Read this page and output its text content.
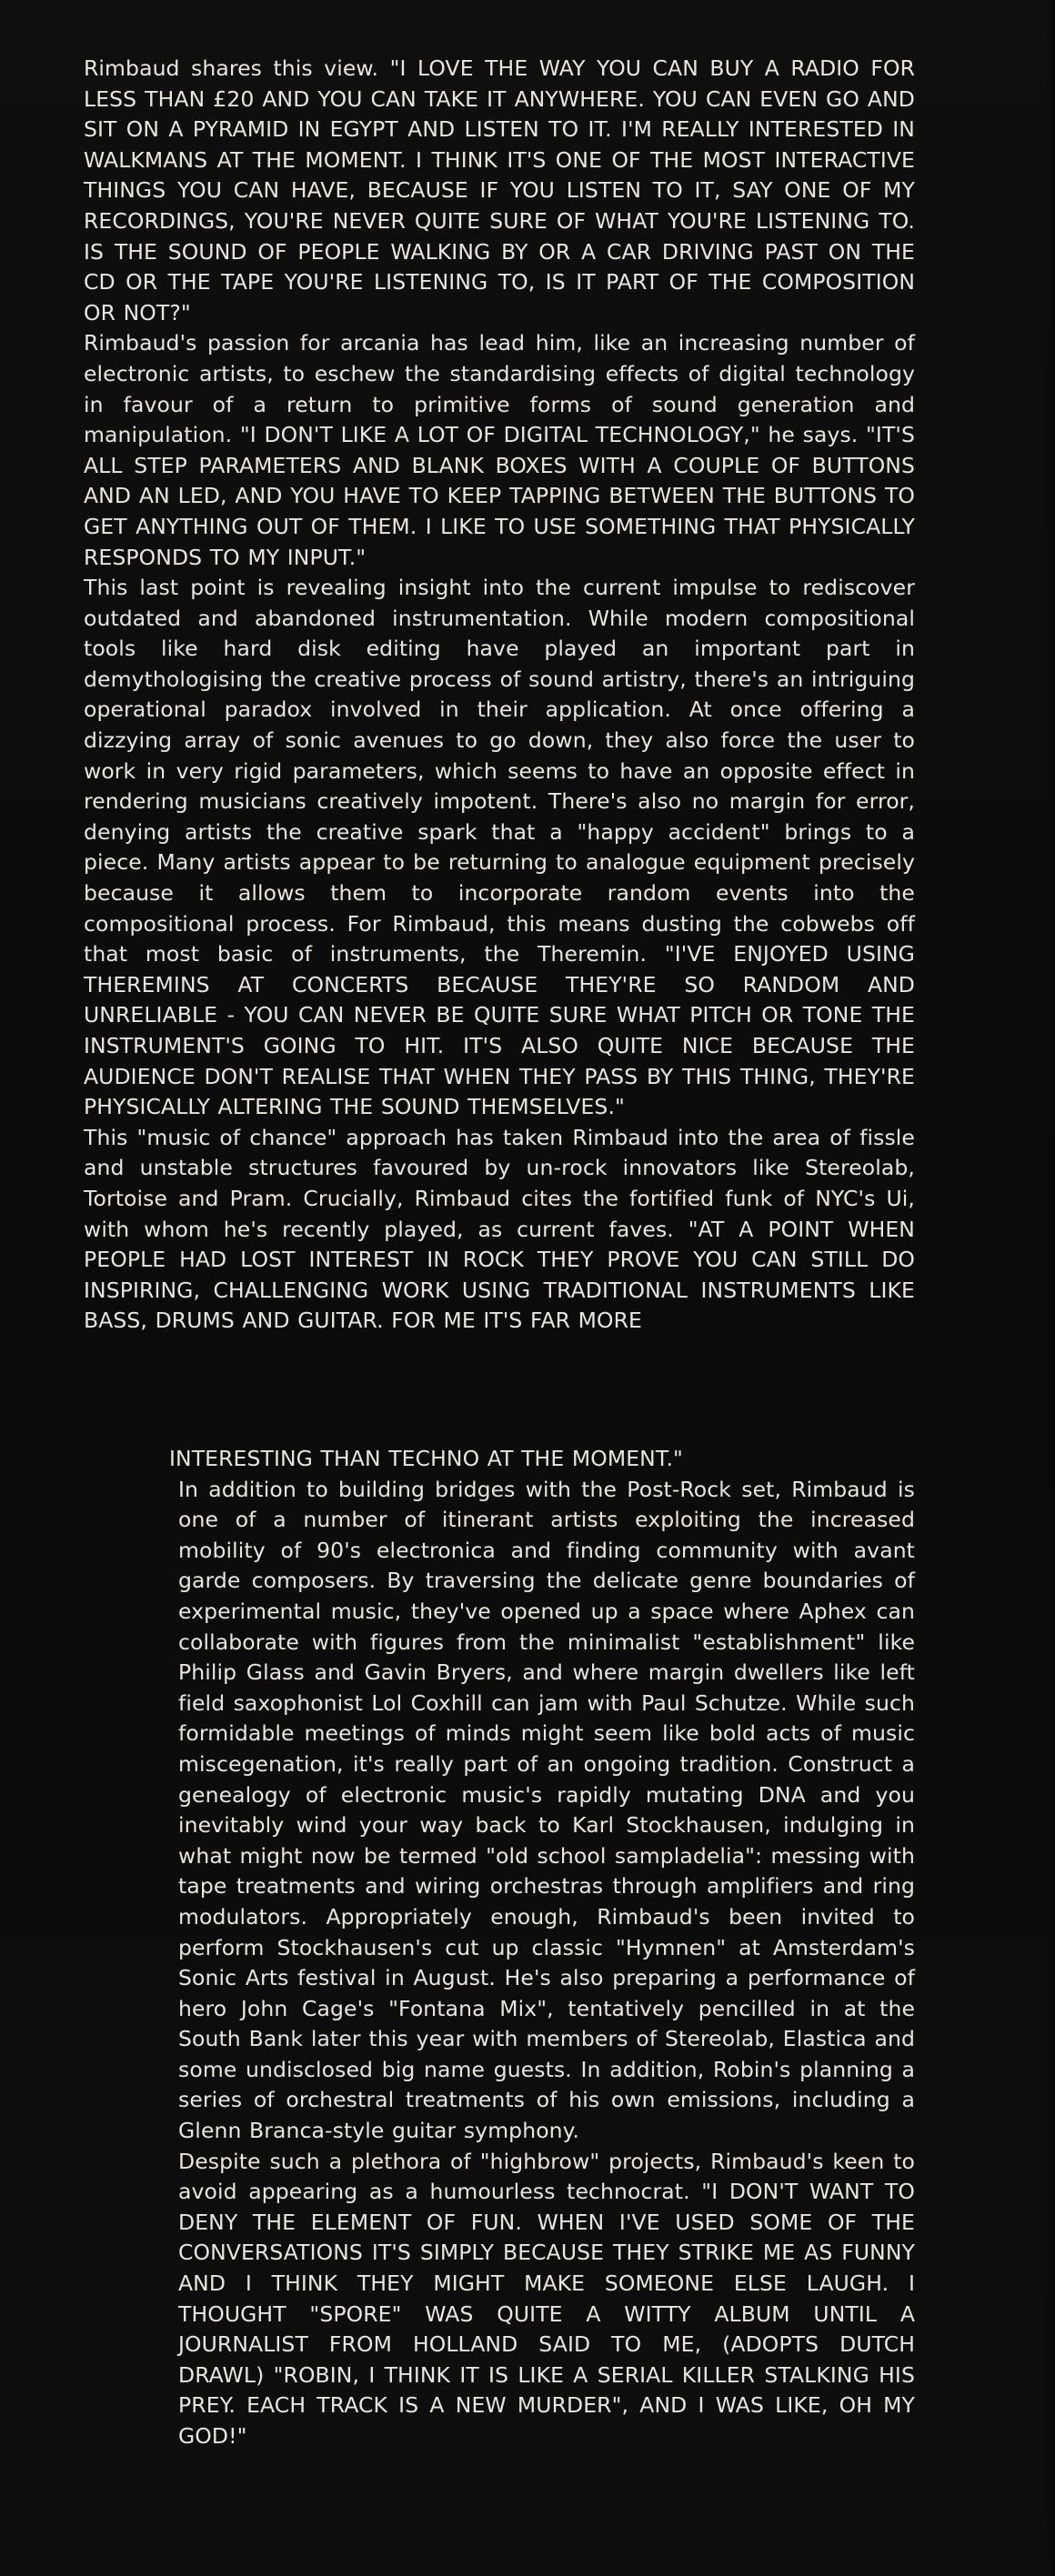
Rimbaud shares this view. "I LOVE THE WAY YOU CAN BUY A RADIO FOR LESS THAN £20 AND YOU CAN TAKE IT ANYWHERE. YOU CAN EVEN GO AND SIT ON A PYRAMID IN EGYPT AND LISTEN TO IT. I'M REALLY INTERESTED IN WALKMANS AT THE MOMENT. I THINK IT'S ONE OF THE MOST INTERACTIVE THINGS YOU CAN HAVE, BECAUSE IF YOU LISTEN TO IT, SAY ONE OF MY RECORDINGS, YOU'RE NEVER QUITE SURE OF WHAT YOU'RE LISTENING TO. IS THE SOUND OF PEOPLE WALKING BY OR A CAR DRIVING PAST ON THE CD OR THE TAPE YOU'RE LISTENING TO, IS IT PART OF THE COMPOSITION OR NOT?"

Rimbaud's passion for arcania has lead him, like an increasing number of electronic artists, to eschew the standardising effects of digital technology in favour of a return to primitive forms of sound generation and manipulation. "I DON'T LIKE A LOT OF DIGITAL TECHNOLOGY," he says. "IT'S ALL STEP PARAMETERS AND BLANK BOXES WITH A COUPLE OF BUTTONS AND AN LED, AND YOU HAVE TO KEEP TAPPING BETWEEN THE BUTTONS TO GET ANYTHING OUT OF THEM. I LIKE TO USE SOMETHING THAT PHYSICALLY RESPONDS TO MY INPUT."

This last point is revealing insight into the current impulse to rediscover outdated and abandoned instrumentation. While modern compositional tools like hard disk editing have played an important part in demythologising the creative process of sound artistry, there's an intriguing operational paradox involved in their application. At once offering a dizzying array of sonic avenues to go down, they also force the user to work in very rigid parameters, which seems to have an opposite effect in rendering musicians creatively impotent. There's also no margin for error, denying artists the creative spark that a "happy accident" brings to a piece. Many artists appear to be returning to analogue equipment precisely because it allows them to incorporate random events into the compositional process. For Rimbaud, this means dusting the cobwebs off that most basic of instruments, the Theremin. "I'VE ENJOYED USING THEREMINS AT CONCERTS BECAUSE THEY'RE SO RANDOM AND UNRELIABLE - YOU CAN NEVER BE QUITE SURE WHAT PITCH OR TONE THE INSTRUMENT'S GOING TO HIT. IT'S ALSO QUITE NICE BECAUSE THE AUDIENCE DON'T REALISE THAT WHEN THEY PASS BY THIS THING, THEY'RE PHYSICALLY ALTERING THE SOUND THEMSELVES."

This "music of chance" approach has taken Rimbaud into the area of fissle and unstable structures favoured by un-rock innovators like Stereolab, Tortoise and Pram. Crucially, Rimbaud cites the fortified funk of NYC's Ui, with whom he's recently played, as current faves. "AT A POINT WHEN PEOPLE HAD LOST INTEREST IN ROCK THEY PROVE YOU CAN STILL DO INSPIRING, CHALLENGING WORK USING TRADITIONAL INSTRUMENTS LIKE BASS, DRUMS AND GUITAR. FOR ME IT'S FAR MORE

INTERESTING THAN TECHNO AT THE MOMENT."

In addition to building bridges with the Post-Rock set, Rimbaud is one of a number of itinerant artists exploiting the increased mobility of 90's electronica and finding community with avant garde composers. By traversing the delicate genre boundaries of experimental music, they've opened up a space where Aphex can collaborate with figures from the minimalist "establishment" like Philip Glass and Gavin Bryers, and where margin dwellers like left field saxophonist Lol Coxhill can jam with Paul Schutze. While such formidable meetings of minds might seem like bold acts of music miscegenation, it's really part of an ongoing tradition. Construct a genealogy of electronic music's rapidly mutating DNA and you inevitably wind your way back to Karl Stockhausen, indulging in what might now be termed "old school sampladelia": messing with tape treatments and wiring orchestras through amplifiers and ring modulators. Appropriately enough, Rimbaud's been invited to perform Stockhausen's cut up classic "Hymnen" at Amsterdam's Sonic Arts festival in August. He's also preparing a performance of hero John Cage's "Fontana Mix", tentatively pencilled in at the South Bank later this year with members of Stereolab, Elastica and some undisclosed big name guests. In addition, Robin's planning a series of orchestral treatments of his own emissions, including a Glenn Branca-style guitar symphony.

Despite such a plethora of "highbrow" projects, Rimbaud's keen to avoid appearing as a humourless technocrat. "I DON'T WANT TO DENY THE ELEMENT OF FUN. WHEN I'VE USED SOME OF THE CONVERSATIONS IT'S SIMPLY BECAUSE THEY STRIKE ME AS FUNNY AND I THINK THEY MIGHT MAKE SOMEONE ELSE LAUGH. I THOUGHT "SPORE" WAS QUITE A WITTY ALBUM UNTIL A JOURNALIST FROM HOLLAND SAID TO ME, (ADOPTS DUTCH DRAWL) "ROBIN, I THINK IT IS LIKE A SERIAL KILLER STALKING HIS PREY. EACH TRACK IS A NEW MURDER", AND I WAS LIKE, OH MY GOD!"
